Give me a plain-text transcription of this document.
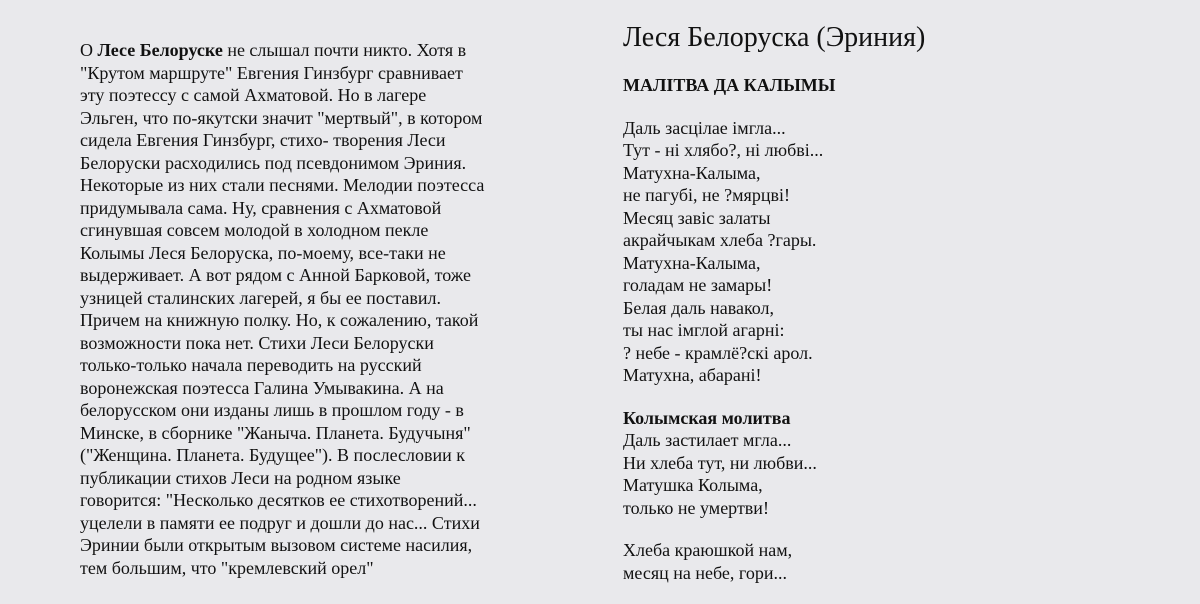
О Лесе Белоруске не слышал почти никто. Хотя в
"Крутом маршруте" Евгения Гинзбург сравнивает
эту поэтессу с самой Ахматовой. Но в лагере
Эльген, что по-якутски значит "мертвый", в котором
сидела Евгения Гинзбург, стихо- творения Леси
Белоруски расходились под псевдонимом Эриния.
Некоторые из них стали песнями. Мелодии поэтесса
придумывала сама. Ну, сравнения с Ахматовой
сгинувшая совсем молодой в холодном пекле
Колымы Леся Белоруска, по-моему, все-таки не
выдерживает. А вот рядом с Анной Барковой, тоже
узницей сталинских лагерей, я бы ее поставил.
Причем на книжную полку. Но, к сожалению, такой
возможности пока нет. Стихи Леси Белоруски
только-только начала переводить на русский
воронежская поэтесса Галина Умывакина. А на
белорусском они изданы лишь в прошлом году - в
Минске, в сборнике "Жаныча. Планета. Будучыня"
("Женщина. Планета. Будущее"). В послесловии к
публикации стихов Леси на родном языке
говорится: "Несколько десятков ее стихотворений...
уцелели в памяти ее подруг и дошли до нас... Стихи
Эринии были открытым вызовом системе насилия,
тем большим, что "кремлевский орел"

Леся Белоруска (Эриния)
МАЛІТВА ДА КАЛЫМЫ
Даль засцілае імгла...
Тут - ні хлябо?, ні любві...
Матухна-Калыма,
не пагубі, не ?мярцві!
Месяц завіс залаты
акрайчыкам хлеба ?гары.
Матухна-Калыма,
голадам не замары!
Белая даль навакол,
ты нас імглой агарні:
? небе - крамлё?скі арол.
Матухна, абарані!
Колымская молитва
Даль застилает мгла...
Ни хлеба тут, ни любви...
Матушка Колыма,
только не умертви!
Хлеба краюшкой нам,
месяц на небе, гори...
